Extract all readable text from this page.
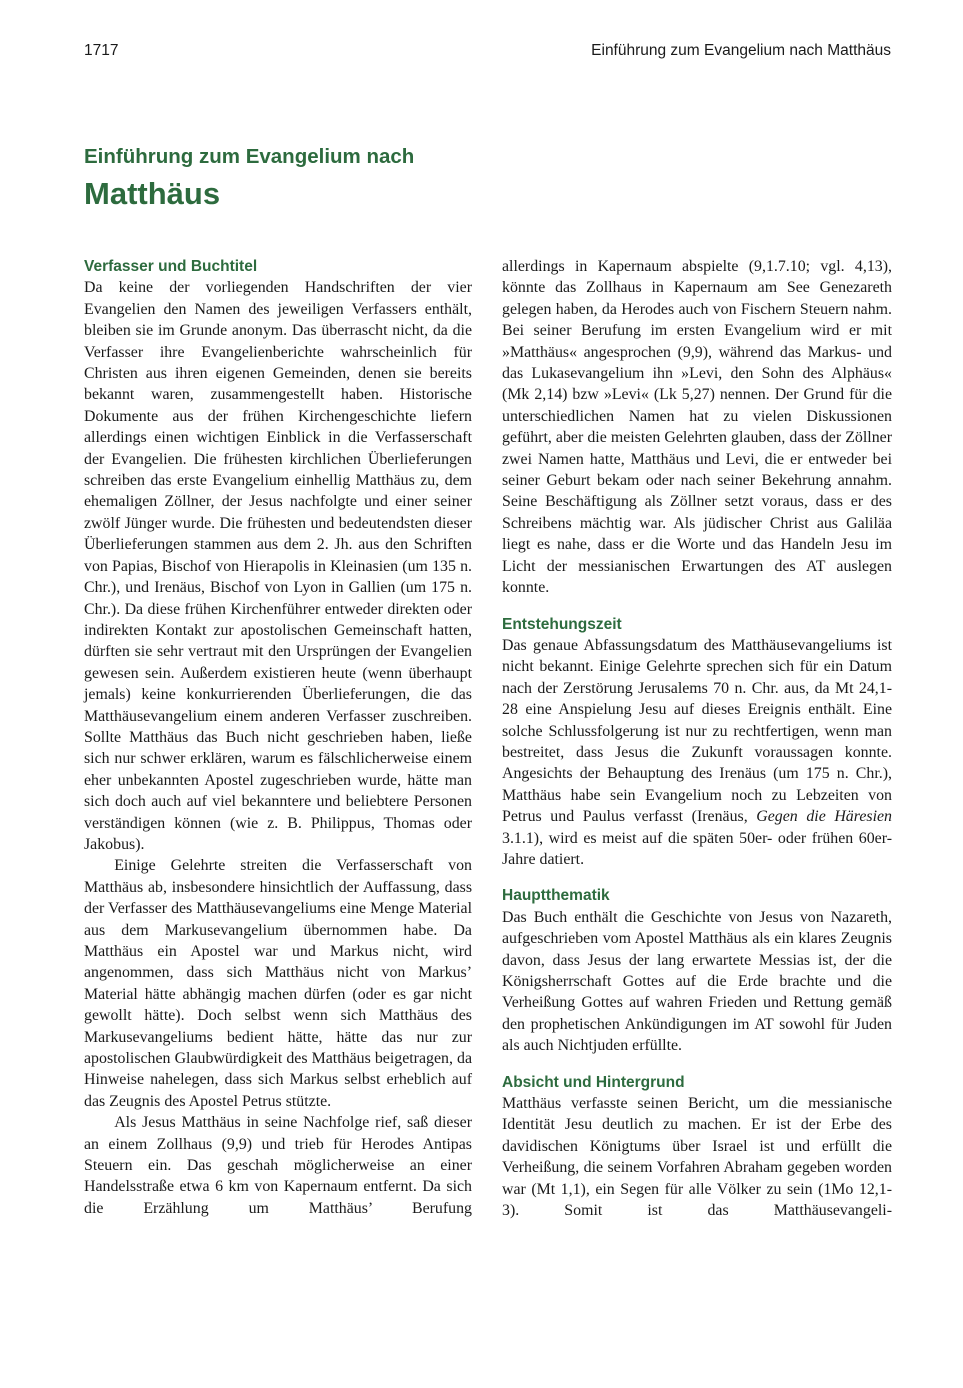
1717	Einführung zum Evangelium nach Matthäus
Einführung zum Evangelium nach
Matthäus
Verfasser und Buchtitel

Da keine der vorliegenden Handschriften der vier Evangelien den Namen des jeweiligen Verfassers enthält, bleiben sie im Grunde anonym. Das überrascht nicht, da die Verfasser ihre Evangelienberichte wahrscheinlich für Christen aus ihren eigenen Gemeinden, denen sie bereits bekannt waren, zusammengestellt haben. Historische Dokumente aus der frühen Kirchengeschichte liefern allerdings einen wichtigen Einblick in die Verfasserschaft der Evangelien. Die frühesten kirchlichen Überlieferungen schreiben das erste Evangelium einhellig Matthäus zu, dem ehemaligen Zöllner, der Jesus nachfolgte und einer seiner zwölf Jünger wurde. Die frühesten und bedeutendsten dieser Überlieferungen stammen aus dem 2. Jh. aus den Schriften von Papias, Bischof von Hierapolis in Kleinasien (um 135 n. Chr.), und Irenäus, Bischof von Lyon in Gallien (um 175 n. Chr.). Da diese frühen Kirchenführer entweder direkten oder indirekten Kontakt zur apostolischen Gemeinschaft hatten, dürften sie sehr vertraut mit den Ursprüngen der Evangelien gewesen sein. Außerdem existieren heute (wenn überhaupt jemals) keine konkurrierenden Überlieferungen, die das Matthäusevangelium einem anderen Verfasser zuschreiben. Sollte Matthäus das Buch nicht geschrieben haben, ließe sich nur schwer erklären, warum es fälschlicherweise einem eher unbekannten Apostel zugeschrieben wurde, hätte man sich doch auch auf viel bekanntere und beliebtere Personen verständigen können (wie z. B. Philippus, Thomas oder Jakobus).

Einige Gelehrte streiten die Verfasserschaft von Matthäus ab, insbesondere hinsichtlich der Auffassung, dass der Verfasser des Matthäusevangeliums eine Menge Material aus dem Markusevangelium übernommen habe. Da Matthäus ein Apostel war und Markus nicht, wird angenommen, dass sich Matthäus nicht von Markus’ Material hätte abhängig machen dürfen (oder es gar nicht gewollt hätte). Doch selbst wenn sich Matthäus des Markusevangeliums bedient hätte, hätte das nur zur apostolischen Glaubwürdigkeit des Matthäus beigetragen, da Hinweise nahelegen, dass sich Markus selbst erheblich auf das Zeugnis des Apostel Petrus stützte.

Als Jesus Matthäus in seine Nachfolge rief, saß dieser an einem Zollhaus (9,9) und trieb für Herodes Antipas Steuern ein. Das geschah möglicherweise an einer Handelsstraße etwa 6 km von Kapernaum entfernt. Da sich die Erzählung um Matthäus’ Berufung

allerdings in Kapernaum abspielte (9,1.7.10; vgl. 4,13), könnte das Zollhaus in Kapernaum am See Genezareth gelegen haben, da Herodes auch von Fischern Steuern nahm. Bei seiner Berufung im ersten Evangelium wird er mit »Matthäus« angesprochen (9,9), während das Markus- und das Lukasevangelium ihn »Levi, den Sohn des Alphäus« (Mk 2,14) bzw »Levi« (Lk 5,27) nennen. Der Grund für die unterschiedlichen Namen hat zu vielen Diskussionen geführt, aber die meisten Gelehrten glauben, dass der Zöllner zwei Namen hatte, Matthäus und Levi, die er entweder bei seiner Geburt bekam oder nach seiner Bekehrung annahm. Seine Beschäftigung als Zöllner setzt voraus, dass er des Schreibens mächtig war. Als jüdischer Christ aus Galiläa liegt es nahe, dass er die Worte und das Handeln Jesu im Licht der messianischen Erwartungen des AT auslegen konnte.

Entstehungszeit

Das genaue Abfassungsdatum des Matthäusevangeliums ist nicht bekannt. Einige Gelehrte sprechen sich für ein Datum nach der Zerstörung Jerusalems 70 n. Chr. aus, da Mt 24,1-28 eine Anspielung Jesu auf dieses Ereignis enthält. Eine solche Schlussfolgerung ist nur zu rechtfertigen, wenn man bestreitet, dass Jesus die Zukunft voraussagen konnte. Angesichts der Behauptung des Irenäus (um 175 n. Chr.), Matthäus habe sein Evangelium noch zu Lebzeiten von Petrus und Paulus verfasst (Irenäus, Gegen die Häresien 3.1.1), wird es meist auf die späten 50er- oder frühen 60er-Jahre datiert.

Hauptthematik

Das Buch enthält die Geschichte von Jesus von Nazareth, aufgeschrieben vom Apostel Matthäus als ein klares Zeugnis davon, dass Jesus der lang erwartete Messias ist, der die Königsherrschaft Gottes auf die Erde brachte und die Verheißung Gottes auf wahren Frieden und Rettung gemäß den prophetischen Ankündigungen im AT sowohl für Juden als auch Nichtjuden erfüllte.

Absicht und Hintergrund

Matthäus verfasste seinen Bericht, um die messianische Identität Jesu deutlich zu machen. Er ist der Erbe des davidischen Königtums über Israel ist und erfüllt die Verheißung, die seinem Vorfahren Abraham gegeben worden war (Mt 1,1), ein Segen für alle Völker zu sein (1Mo 12,1-3). Somit ist das Matthäusevangeli-
